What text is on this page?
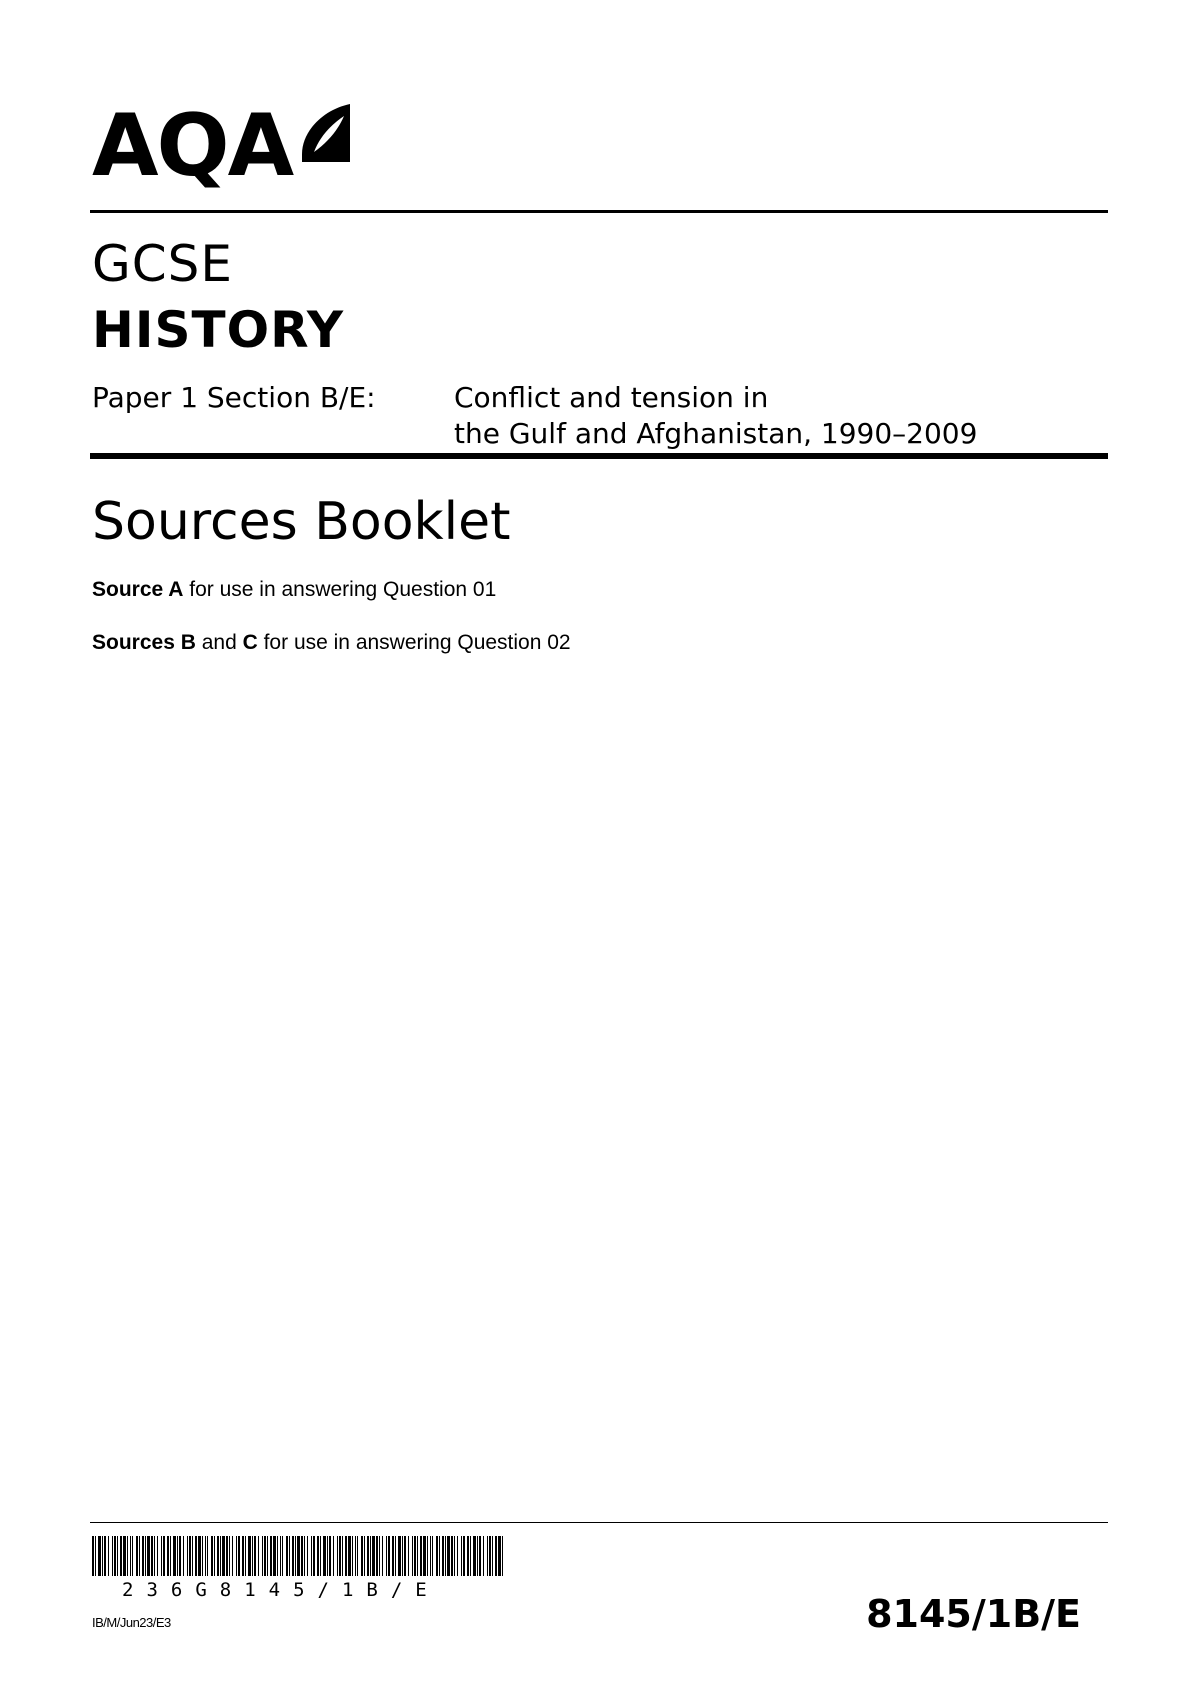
AQA
GCSE
HISTORY
Paper 1 Section B/E:	Conflict and tension in
the Gulf and Afghanistan, 1990–2009
Sources Booklet
Source A for use in answering Question 01
Sources B and C for use in answering Question 02
236G8145/1B/E
IB/M/Jun23/E3	8145/1B/E
